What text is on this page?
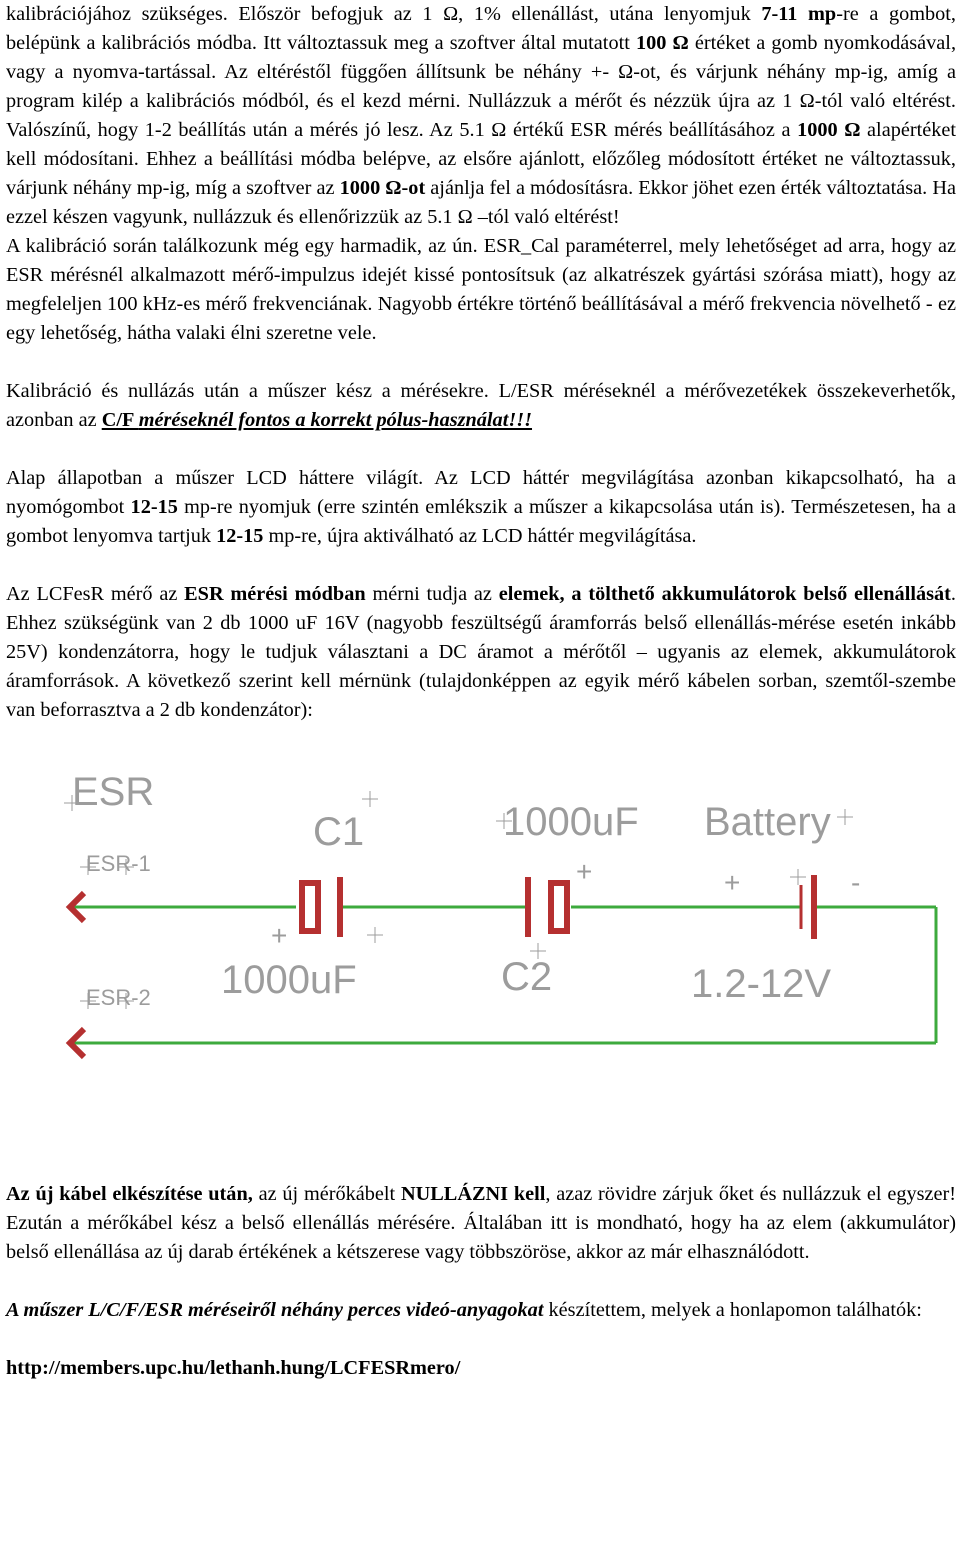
kalibrációjához szükséges. Először befogjuk az 1 Ω, 1% ellenállást, utána lenyomjuk 7-11 mp-re a gombot, belépünk a kalibrációs módba. Itt változtassuk meg a szoftver által mutatott 100 Ω értéket a gomb nyomkodásával, vagy a nyomva-tartással. Az eltéréstől függően állítsunk be néhány +- Ω-ot, és várjunk néhány mp-ig, amíg a program kilép a kalibrációs módból, és el kezd mérni. Nullázzuk a mérőt és nézzük újra az 1 Ω-tól való eltérést. Valószínű, hogy 1-2 beállítás után a mérés jó lesz. Az 5.1 Ω értékű ESR mérés beállításához a 1000 Ω alapértéket kell módosítani. Ehhez a beállítási módba belépve, az elsőre ajánlott, előzőleg módosított értéket ne változtassuk, várjunk néhány mp-ig, míg a szoftver az 1000 Ω-ot ajánlja fel a módosításra. Ekkor jöhet ezen érték változtatása. Ha ezzel készen vagyunk, nullázzuk és ellenőrizzük az 5.1 Ω –tól való eltérést!

A kalibráció során találkozunk még egy harmadik, az ún. ESR_Cal paraméterrel, mely lehetőséget ad arra, hogy az ESR mérésnél alkalmazott mérő-impulzus idejét kissé pontosítsuk (az alkatrészek gyártási szórása miatt), hogy az megfeleljen 100 kHz-es mérő frekvenciának. Nagyobb értékre történő beállításával a mérő frekvencia növelhető - ez egy lehetőség, hátha valaki élni szeretne vele.

Kalibráció és nullázás után a műszer kész a mérésekre. L/ESR méréseknél a mérővezetékek összekeverhetők, azonban az C/F méréseknél fontos a korrekt pólus-használat!!!

Alap állapotban a műszer LCD háttere világít. Az LCD háttér megvilágítása azonban kikapcsolható, ha a nyomógombot 12-15 mp-re nyomjuk (erre szintén emlékszik a műszer a kikapcsolása után is). Természetesen, ha a gombot lenyomva tartjuk 12-15 mp-re, újra aktiválható az LCD háttér megvilágítása.

Az LCFesR mérő az ESR mérési módban mérni tudja az elemek, a tölthető akkumulátorok belső ellenállását. Ehhez szükségünk van 2 db 1000 uF 16V (nagyobb feszültségű áramforrás belső ellenállás-mérése esetén inkább 25V) kondenzátorra, hogy le tudjuk választani a DC áramot a mérőtől – ugyanis az elemek, akkumulátorok áramforrások. A következő szerint kell mérnünk (tulajdonképpen az egyik mérő kábelen sorban, szemtől-szembe van beforrasztva a 2 db kondenzátor):

ESR
ESR-1
ESR-2
C1
+
1000uF
1000uF
+
C2
Battery
+	-
1.2-12V

Az új kábel elkészítése után, az új mérőkábelt NULLÁZNI kell, azaz rövidre zárjuk őket és nullázzuk el egyszer! Ezután a mérőkábel kész a belső ellenállás mérésére. Általában itt is mondható, hogy ha az elem (akkumulátor) belső ellenállása az új darab értékének a kétszerese vagy többszöröse, akkor az már elhasználódott.

A műszer L/C/F/ESR méréseiről néhány perces videó-anyagokat készítettem, melyek a honlapomon találhatók:

http://members.upc.hu/lethanh.hung/LCFESRmero/
